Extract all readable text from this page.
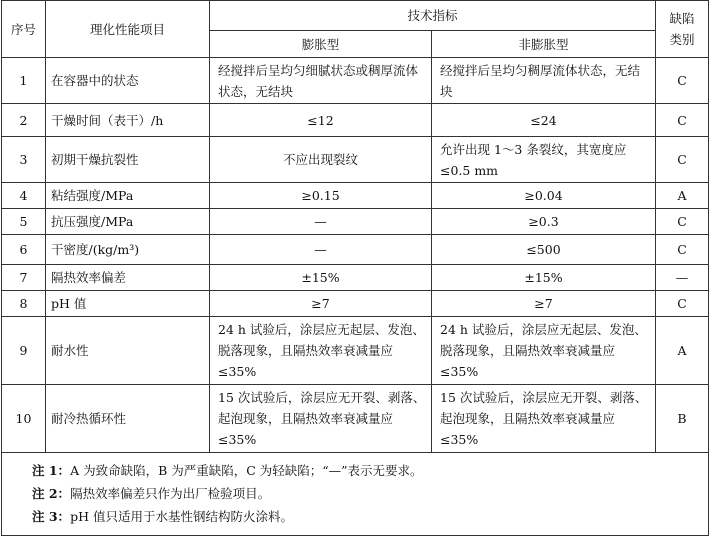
序号	理化性能项目	技术指标		缺陷
类别

		膨胀型	非膨胀型	
1	在容器中的状态	经搅拌后呈均匀细腻状态或稠厚流体状态，无结块	经搅拌后呈均匀稠厚流体状态，无结块	C
2	干燥时间（表干）/h	≤12	≤24	C
3	初期干燥抗裂性	不应出现裂纹	允许出现 1～3 条裂纹，其宽度应≤0.5 mm	C
4	粘结强度/MPa	≥0.15	≥0.04	A
5	抗压强度/MPa	—	≥0.3	C
6	干密度/(kg/m³)	—	≤500	C
7	隔热效率偏差	±15%	±15%	—
8	pH 值	≥7	≥7	C
9	耐水性	24 h 试验后，涂层应无起层、发泡、脱落现象，且隔热效率衰减量应≤35%	24 h 试验后，涂层应无起层、发泡、脱落现象，且隔热效率衰减量应≤35%	A
10	耐冷热循环性	15 次试验后，涂层应无开裂、剥落、起泡现象，且隔热效率衰减量应≤35%	15 次试验后，涂层应无开裂、剥落、起泡现象，且隔热效率衰减量应≤35%	B

注 1：A 为致命缺陷，B 为严重缺陷，C 为轻缺陷；“—”表示无要求。
注 2：隔热效率偏差只作为出厂检验项目。
注 3：pH 值只适用于水基性钢结构防火涂料。				
